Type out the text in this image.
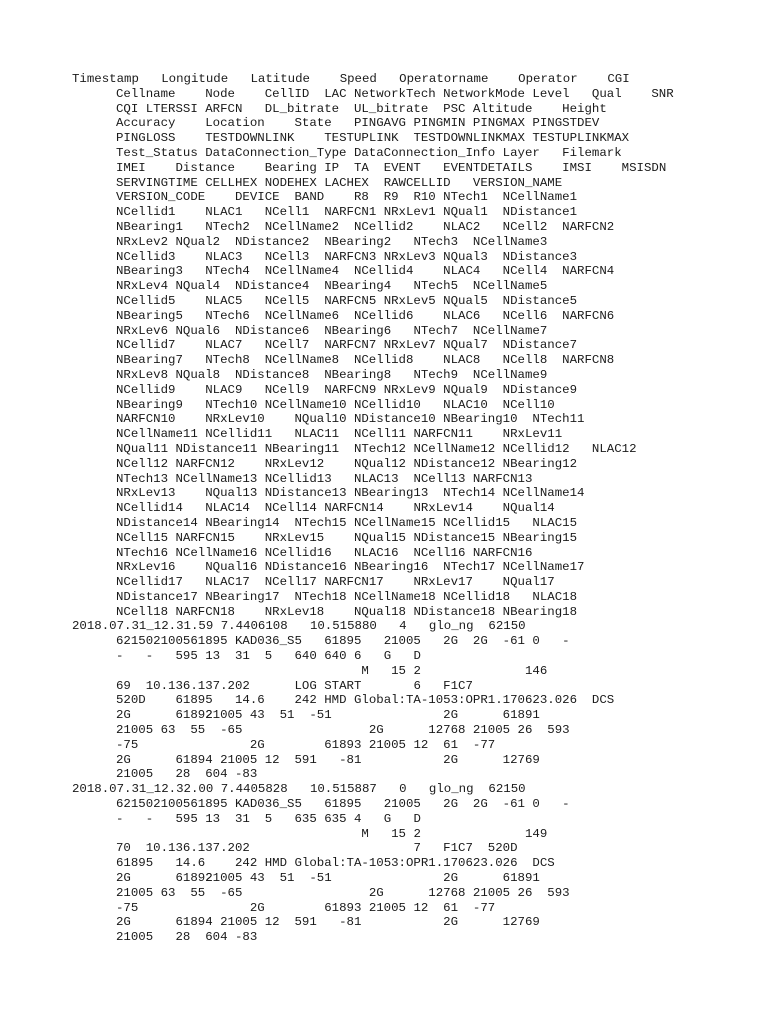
Timestamp Longitude Latitude Speed Operatorname Operator CGI
Cellname Node CellID LAC NetworkTech NetworkMode Level Qual SNR
CQI LTERSSI ARFCN DL_bitrate UL_bitrate PSC Altitude Height
Accuracy Location State PINGAVG PINGMIN PINGMAX PINGSTDEV
PINGLOSS TESTDOWNLINK TESTUPLINK TESTDOWNLINKMAX TESTUPLINKMAX
Test_Status DataConnection_Type DataConnection_Info Layer Filemark
IMEI Distance Bearing IP TA EVENT EVENTDETAILS IMSI MSISDN
SERVINGTIME CELLHEX NODEHEX LACHEX RAWCELLID VERSION_NAME
VERSION_CODE DEVICE BAND R8 R9 R10 NTech1 NCellName1
NCellid1 NLAC1 NCell1 NARFCN1 NRxLev1 NQual1 NDistance1
NBearing1 NTech2 NCellName2 NCellid2 NLAC2 NCell2 NARFCN2
NRxLev2 NQual2 NDistance2 NBearing2 NTech3 NCellName3
NCellid3 NLAC3 NCell3 NARFCN3 NRxLev3 NQual3 NDistance3
NBearing3 NTech4 NCellName4 NCellid4 NLAC4 NCell4 NARFCN4
NRxLev4 NQual4 NDistance4 NBearing4 NTech5 NCellName5
NCellid5 NLAC5 NCell5 NARFCN5 NRxLev5 NQual5 NDistance5
NBearing5 NTech6 NCellName6 NCellid6 NLAC6 NCell6 NARFCN6
NRxLev6 NQual6 NDistance6 NBearing6 NTech7 NCellName7
NCellid7 NLAC7 NCell7 NARFCN7 NRxLev7 NQual7 NDistance7
NBearing7 NTech8 NCellName8 NCellid8 NLAC8 NCell8 NARFCN8
NRxLev8 NQual8 NDistance8 NBearing8 NTech9 NCellName9
NCellid9 NLAC9 NCell9 NARFCN9 NRxLev9 NQual9 NDistance9
NBearing9 NTech10 NCellName10 NCellid10 NLAC10 NCell10
NARFCN10 NRxLev10 NQual10 NDistance10 NBearing10 NTech11
NCellName11 NCellid11 NLAC11 NCell11 NARFCN11 NRxLev11
NQual11 NDistance11 NBearing11 NTech12 NCellName12 NCellid12 NLAC12
NCell12 NARFCN12 NRxLev12 NQual12 NDistance12 NBearing12
NTech13 NCellName13 NCellid13 NLAC13 NCell13 NARFCN13
NRxLev13 NQual13 NDistance13 NBearing13 NTech14 NCellName14
NCellid14 NLAC14 NCell14 NARFCN14 NRxLev14 NQual14
NDistance14 NBearing14 NTech15 NCellName15 NCellid15 NLAC15
NCell15 NARFCN15 NRxLev15 NQual15 NDistance15 NBearing15
NTech16 NCellName16 NCellid16 NLAC16 NCell16 NARFCN16
NRxLev16 NQual16 NDistance16 NBearing16 NTech17 NCellName17
NCellid17 NLAC17 NCell17 NARFCN17 NRxLev17 NQual17
NDistance17 NBearing17 NTech18 NCellName18 NCellid18 NLAC18
NCell18 NARFCN18 NRxLev18 NQual18 NDistance18 NBearing18
2018.07.31_12.31.59 7.4406108 10.515880 4 glo_ng 62150
621502100561895 KAD036_S5 61895 21005 2G 2G -61 0 -
- - 595 13 31 5 640 640 6 G D
M 15 2	146
69 10.136.137.202	LOG START	6 F1C7
520D 61895 14.6 242 HMD Global:TA-1053:OPR1.170623.026 DCS
2G	61892
21005 43 51 -51	2G	61891
21005 63 55 -65	2G	12768 21005 26 593
-75	2G	61893 21005 12 61 -77
2G	61894 21005 12 591 -81	2G	12769
21005 28 604 -83
2018.07.31_12.32.00 7.4405828 10.515887 0 glo_ng 62150
621502100561895 KAD036_S5 61895 21005 2G 2G -61 0 -
- - 595 13 31 5 635 635 4 G D
M 15 2	149
70 10.136.137.202	7 F1C7 520D
61895 14.6 242 HMD Global:TA-1053:OPR1.170623.026 DCS
2G	61892
21005 43 51 -51	2G	61891
21005 63 55 -65	2G	12768 21005 26 593
-75	2G	61893 21005 12 61 -77
2G	61894 21005 12 591 -81	2G	12769
21005 28 604 -83
